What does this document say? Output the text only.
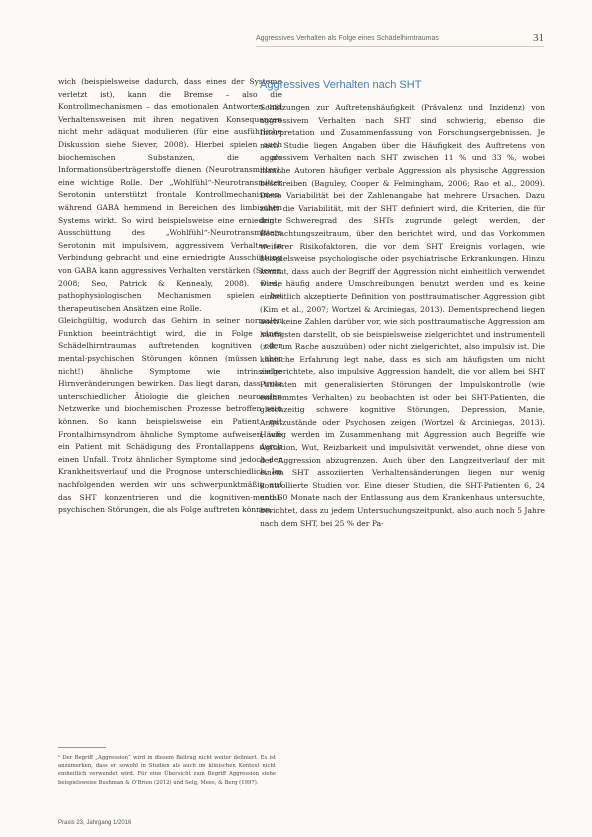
Aggressives Verhalten als Folge eines Schädelhirntraumas	31

wich (beispielsweise dadurch, dass eines der Systeme verletzt ist), kann die Bremse – also die Kontrollmechanismen – das emotionalen Antworten und Verhaltensweisen mit ihren negativen Konsequenzen nicht mehr adäquat modulieren (für eine ausführliche Diskussion siehe Siever, 2008). Hierbei spielen auch biochemischen Substanzen, die als Informationsüberträgerstoffe dienen (Neurotransmitter), eine wichtige Rolle. Der „Wohlfühl“-Neurotransmitter Serotonin unterstützt frontale Kontrollmechanismen, während GABA hemmend in Bereichen des limbischen Systems wirkt. So wird beispielsweise eine erniedrigte Ausschüttung des „Wohlfühl“-Neurotransmitters Serotonin mit impulsivem, aggressivem Verhalten in Verbindung gebracht und eine erniedrigte Ausschüttung von GABA kann aggressives Verhalten verstärken (Siever, 2008; Seo, Patrick & Kennealy, 2008). Diese pathophysiologischen Mechanismen spielen bei therapeutischen Ansätzen eine Rolle.

Gleichgültig, wodurch das Gehirn in seiner normalen Funktion beeinträchtigt wird, die in Folge eines Schädelhirntraumas auftretenden kognitiven oder mental-psychischen Störungen können (müssen aber nicht!) ähnliche Symptome wie intrinsische Hirnveränderungen bewirken. Das liegt daran, dass trotz unterschiedlicher Ätiologie die gleichen neuronalen Netzwerke und biochemischen Prozesse betroffen sein können. So kann beispielsweise ein Patient mit Frontalhirnsyndrom ähnliche Symptome aufweisen, wie ein Patient mit Schädigung des Frontallappens durch einen Unfall. Trotz ähnlicher Symptome sind jedoch der Krankheitsverlauf und die Prognose unterschiedlich. Im nachfolgenden werden wir uns schwerpunktmäßig auf das SHT konzentrieren und die kognitiven-mental-psychischen Störungen, die als Folge auftreten können.

Aggressives Verhalten nach SHT

Schätzungen zur Auftretenshäufigkeit (Prävalenz und Inzidenz) von aggressivem Verhalten nach SHT sind schwierig, ebenso die Interpretation und Zusammenfassung von Forschungsergebnissen. Je nach Studie liegen Angaben über die Häufigkeit des Auftretens von aggressivem Verhalten nach SHT zwischen 11 % und 33 %, wobei manche Autoren häufiger verbale Aggression als physische Aggression beschreiben (Baguley, Cooper & Felmingham, 2006; Rao et al., 2009). Diese Variabilität bei der Zahlenangabe hat mehrere Ursachen. Dazu zählt die Variabilität, mit der SHT definiert wird, die Kriterien, die für den Schweregrad des SHTs zugrunde gelegt werden, der Beobachtungszeitraum, über den berichtet wird, und das Vorkommen weiterer Risikofaktoren, die vor dem SHT Ereignis vorlagen, wie beispielsweise psychologische oder psychiatrische Erkrankungen. Hinzu kommt, dass auch der Begriff der Aggression nicht einheitlich verwendet wird, häufig andere Umschreibungen benutzt werden und es keine einheitlich akzeptierte Definition von posttraumatischer Aggression gibt (Kim et al., 2007; Wortzel & Arciniegas, 2013). Dementsprechend liegen auch keine Zahlen darüber vor, wie sich posttraumatische Aggression am häufigsten darstellt, ob sie beispielsweise zielgerichtet und instrumentell (z.B. um Rache auszuüben) oder nicht zielgerichtet, also impulsiv ist. Die klinische Erfahrung legt nahe, dass es sich am häufigsten um nicht zielgerichtete, also impulsive Aggression handelt, die vor allem bei SHT Patienten mit generalisierten Störungen der Impulskontrolle (wie enthemmtes Verhalten) zu beobachten ist oder bei SHT-Patienten, die gleichzeitig schwere kognitive Störungen, Depression, Manie, Angstzustände oder Psychosen zeigen (Wortzel & Arciniegas, 2013). Häufig werden im Zusammenhang mit Aggression auch Begriffe wie Agitation, Wut, Reizbarkeit und impulsivität verwendet, ohne diese von der Aggression abzugrenzen. Auch über den Langzeitverlauf der mit einem SHT assoziierten Verhaltensänderungen liegen nur wenig kontrollierte Studien vor. Eine dieser Studien, die SHT-Patienten 6, 24 und 60 Monate nach der Entlassung aus dem Krankenhaus untersuchte, berichtet, dass zu jedem Untersuchungszeitpunkt, also auch noch 5 Jahre nach dem SHT, bei 25 % der Pa-

¹ Der Begriff „Aggression“ wird in diesem Beitrag nicht weiter definiert. Es ist anzumerken, dass er sowohl in Studien als auch im klinischen Kontext nicht einheitlich verwendet wird. Für eine Übersicht zum Begriff Aggression siehe beispielsweise Bushman & O’Brien (2012) und Selg, Mees, & Berg (1997).
Praxis 23, Jahrgang 1/2016
